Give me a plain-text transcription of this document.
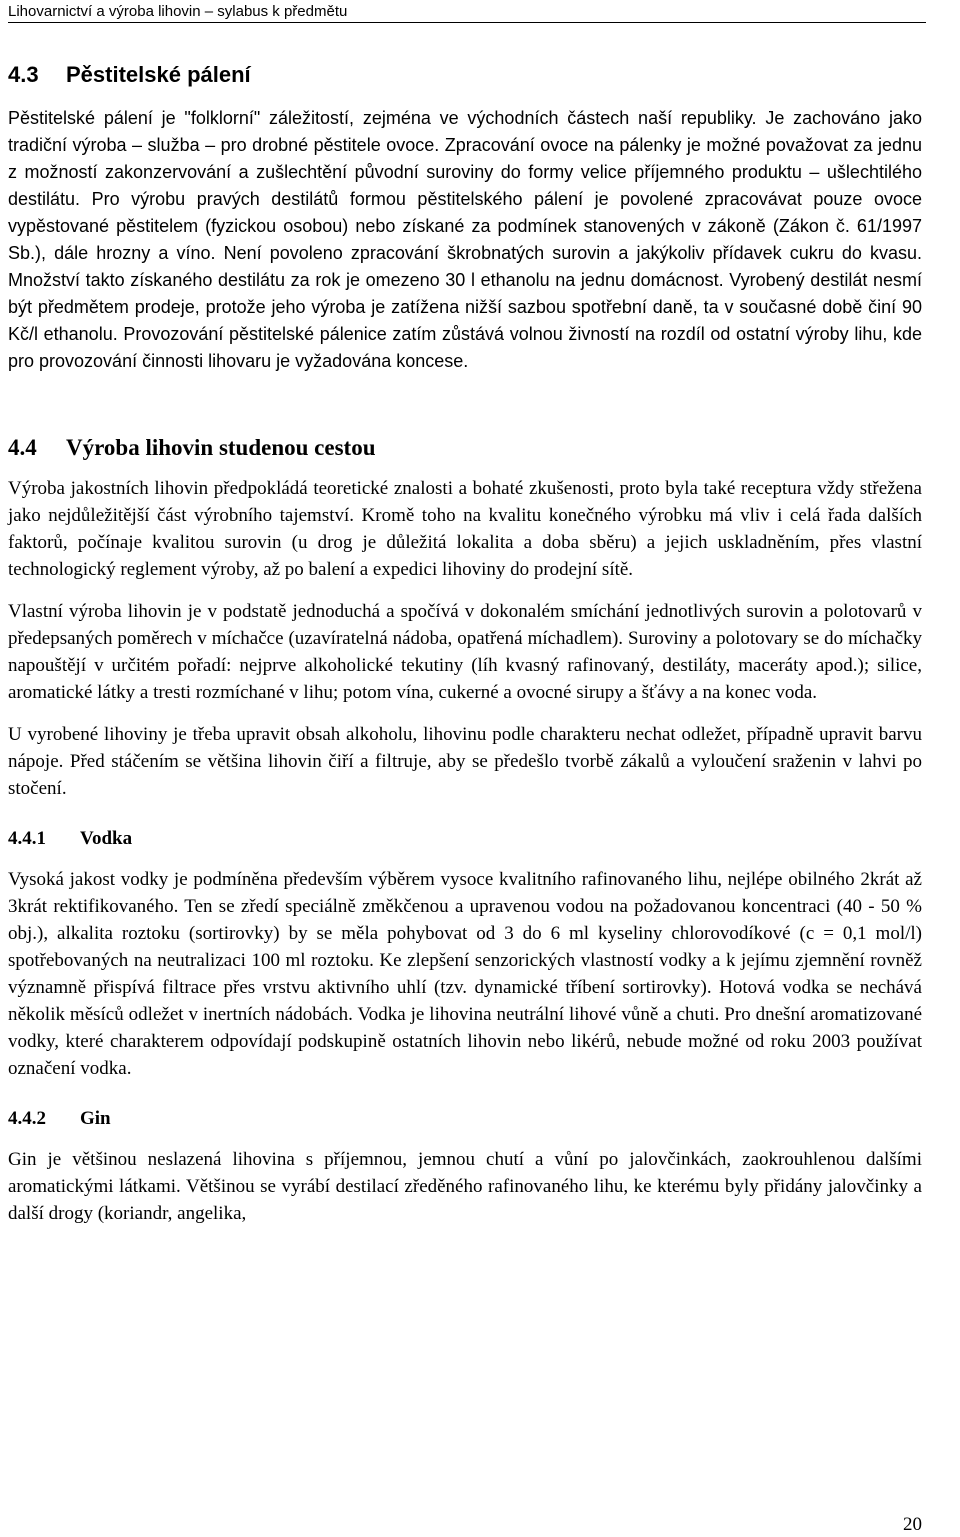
Lihovarnictví a výroba lihovin – sylabus k předmětu
4.3	Pěstitelské pálení

Pěstitelské pálení je "folklorní" záležitostí, zejména ve východních částech naší republiky. Je zachováno jako tradiční výroba – služba – pro drobné pěstitele ovoce. Zpracování ovoce na pálenky je možné považovat za jednu z možností zakonzervování a zušlechtění původní suroviny do formy velice příjemného produktu – ušlechtilého destilátu. Pro výrobu pravých destilátů formou pěstitelského pálení je povolené zpracovávat pouze ovoce vypěstované pěstitelem (fyzickou osobou) nebo získané za podmínek stanovených v zákoně (Zákon č. 61/1997 Sb.), dále hrozny a víno. Není povoleno zpracování škrobnatých surovin a jakýkoliv přídavek cukru do kvasu. Množství takto získaného destilátu za rok je omezeno 30 l ethanolu na jednu domácnost. Vyrobený destilát nesmí být předmětem prodeje, protože jeho výroba je zatížena nižší sazbou spotřební daně, ta v současné době činí 90 Kč/l ethanolu. Provozování pěstitelské pálenice zatím zůstává volnou živností na rozdíl od ostatní výroby lihu, kde pro provozování činnosti lihovaru je vyžadována koncese.

4.4	Výroba lihovin studenou cestou

Výroba jakostních lihovin předpokládá teoretické znalosti a bohaté zkušenosti, proto byla také receptura vždy střežena jako nejdůležitější část výrobního tajemství. Kromě toho na kvalitu konečného výrobku má vliv i celá řada dalších faktorů, počínaje kvalitou surovin (u drog je důležitá lokalita a doba sběru) a jejich uskladněním, přes vlastní technologický reglement výroby, až po balení a expedici lihoviny do prodejní sítě.

Vlastní výroba lihovin je v podstatě jednoduchá a spočívá v dokonalém smíchání jednotlivých surovin a polotovarů v předepsaných poměrech v míchačce (uzavíratelná nádoba, opatřená míchadlem). Suroviny a polotovary se do míchačky napouštějí v určitém pořadí: nejprve alkoholické tekutiny (líh kvasný rafinovaný, destiláty, maceráty apod.); silice, aromatické látky a tresti rozmíchané v lihu; potom vína, cukerné a ovocné sirupy a šťávy a na konec voda.

U vyrobené lihoviny je třeba upravit obsah alkoholu, lihovinu podle charakteru nechat odležet, případně upravit barvu nápoje. Před stáčením se většina lihovin čiří a filtruje, aby se předešlo tvorbě zákalů a vyloučení sraženin v lahvi po stočení.

4.4.1	Vodka

Vysoká jakost vodky je podmíněna především výběrem vysoce kvalitního rafinovaného lihu, nejlépe obilného 2krát až 3krát rektifikovaného. Ten se zředí speciálně změkčenou a upravenou vodou na požadovanou koncentraci (40 - 50 % obj.), alkalita roztoku (sortirovky) by se měla pohybovat od 3 do 6 ml kyseliny chlorovodíkové (c = 0,1 mol/l) spotřebovaných na neutralizaci 100 ml roztoku. Ke zlepšení senzorických vlastností vodky a k jejímu zjemnění rovněž významně přispívá filtrace přes vrstvu aktivního uhlí (tzv. dynamické tříbení sortirovky). Hotová vodka se nechává několik měsíců odležet v inertních nádobách. Vodka je lihovina neutrální lihové vůně a chuti. Pro dnešní aromatizované vodky, které charakterem odpovídají podskupině ostatních lihovin nebo likérů, nebude možné od roku 2003 používat označení vodka.

4.4.2	Gin

Gin je většinou neslazená lihovina s příjemnou, jemnou chutí a vůní po jalovčinkách, zaokrouhlenou dalšími aromatickými látkami. Většinou se vyrábí destilací zředěného rafinovaného lihu, ke kterému byly přidány jalovčinky a další drogy (koriandr, angelika,

20
